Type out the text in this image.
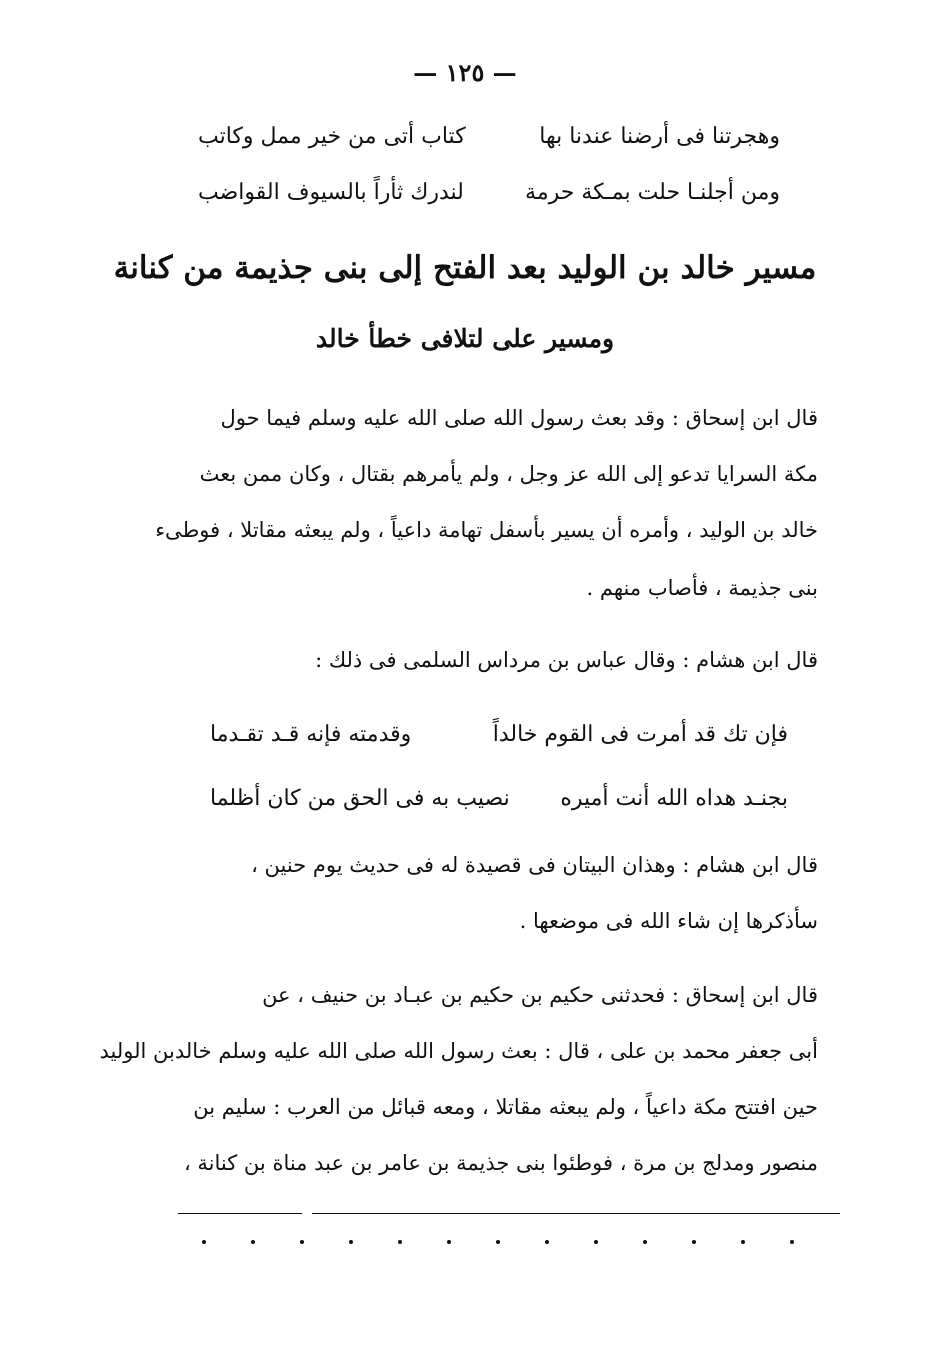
— ١٢٥ —
وهجرتنا فى أرضنا عندنا بها
كتاب أتى من خير ممل وكاتب
ومن أجلنـا حلت بمـكة حرمة
لندرك ثأراً بالسيوف القواضب
مسير خالد بن الوليد بعد الفتح إلى بنى جذيمة من كنانة
ومسير على لتلافى خطأ خالد
قال ابن إسحاق : وقد بعث رسول الله صلى الله عليه وسلم فيما حول
مكة السرايا تدعو إلى الله عز وجل ، ولم يأمرهم بقتال ، وكان ممن بعث
خالد بن الوليد ، وأمره أن يسير بأسفل تهامة داعياً ، ولم يبعثه مقاتلا ، فوطىء
بنى جذيمة ، فأصاب منهم .
قال ابن هشام : وقال عباس بن مرداس السلمى فى ذلك :
فإن تك قد أمرت فى القوم خالداً
وقدمته فإنه قـد تقـدما
بجنـد هداه الله أنت أميره
نصيب به فى الحق من كان أظلما
قال ابن هشام : وهذان البيتان فى قصيدة له فى حديث يوم حنين ،
سأذكرها إن شاء الله فى موضعها .
قال ابن إسحاق : فحدثنى حكيم بن حكيم بن عبـاد بن حنيف ، عن
أبى جعفر محمد بن على ، قال : بعث رسول الله صلى الله عليه وسلم خالدبن الوليد
حين افتتح مكة داعياً ، ولم يبعثه مقاتلا ، ومعه قبائل من العرب : سليم بن
منصور ومدلج بن مرة ، فوطئوا بنى جذيمة بن عامر بن عبد مناة بن كنانة ،
